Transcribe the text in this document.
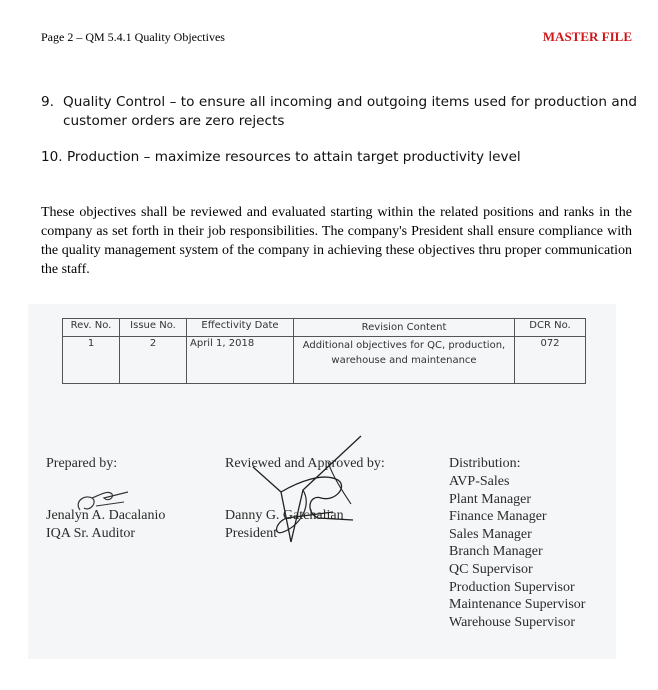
Page 2 – QM 5.4.1 Quality Objectives	MASTER FILE
9. Quality Control – to ensure all incoming and outgoing items used for production and customer orders are zero rejects
10. Production – maximize resources to attain target productivity level
These objectives shall be reviewed and evaluated starting within the related positions and ranks in the company as set forth in their job responsibilities. The company's President shall ensure compliance with the quality management system of the company in achieving these objectives thru proper communication the staff.
Rev. No.	Issue No.	Effectivity Date	Revision Content	DCR No.
1	2	April 1, 2018	Additional objectives for QC, production, warehouse and maintenance	072
Prepared by:
Jenalyn A. Dacalanio
IQA Sr. Auditor
Reviewed and Approved by:
Danny G. Gatchalian
President
Distribution:
AVP-Sales
Plant Manager
Finance Manager
Sales Manager
Branch Manager
QC Supervisor
Production Supervisor
Maintenance Supervisor
Warehouse Supervisor
